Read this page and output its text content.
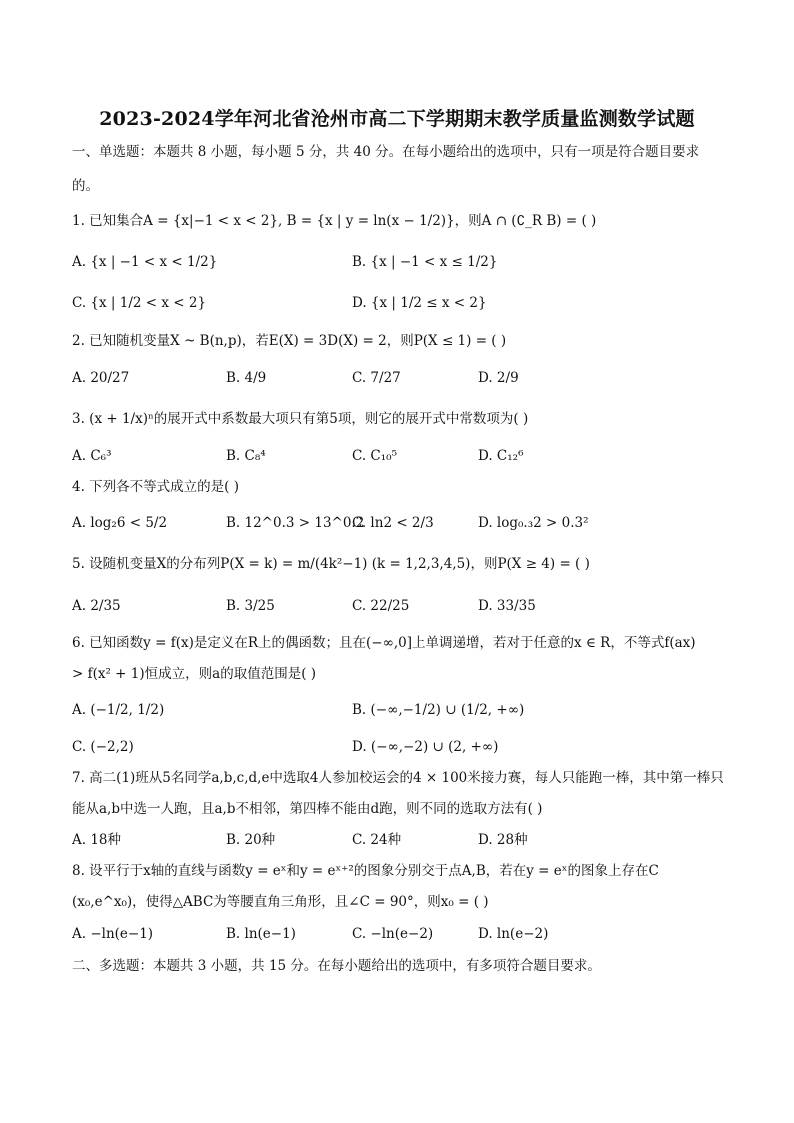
2023-2024学年河北省沧州市高二下学期期末教学质量监测数学试题
一、单选题：本题共 8 小题，每小题 5 分，共 40 分。在每小题给出的选项中，只有一项是符合题目要求
的。
1. 已知集合A = {x|−1 < x < 2}, B = {x | y = ln(x − 1/2)}，则A ∩ (∁_R B) = ( )
A. {x | −1 < x < 1/2}	B. {x | −1 < x ≤ 1/2}
C. {x | 1/2 < x < 2}	D. {x | 1/2 ≤ x < 2}
2. 已知随机变量X ~ B(n,p)，若E(X) = 3D(X) = 2，则P(X ≤ 1) = ( )
A. 20/27	B. 4/9	C. 7/27	D. 2/9
3. (x + 1/x)ⁿ的展开式中系数最大项只有第5项，则它的展开式中常数项为( )
A. C₆³	B. C₈⁴	C. C₁₀⁵	D. C₁₂⁶
4. 下列各不等式成立的是( )
A. log₂6 < 5/2	B. 12^0.3 > 13^0.2
C. ln2 < 2/3	D. log₀.₃2 > 0.3²
5. 设随机变量X的分布列P(X = k) = m/(4k²−1) (k = 1,2,3,4,5)，则P(X ≥ 4) = ( )
A. 2/35	B. 3/25	C. 22/25	D. 33/35
6. 已知函数y = f(x)是定义在R上的偶函数；且在(−∞,0]上单调递增，若对于任意的x ∈ R，不等式f(ax)
> f(x² + 1)恒成立，则a的取值范围是( )
A. (−1/2, 1/2)	B. (−∞,−1/2) ∪ (1/2, +∞)
C. (−2,2)	D. (−∞,−2) ∪ (2, +∞)
7. 高二(1)班从5名同学a,b,c,d,e中选取4人参加校运会的4 × 100米接力赛，每人只能跑一棒，其中第一棒只
能从a,b中选一人跑，且a,b不相邻，第四棒不能由d跑，则不同的选取方法有( )
A. 18种	B. 20种	C. 24种	D. 28种
8. 设平行于x轴的直线与函数y = eˣ和y = eˣ⁺²的图象分别交于点A,B，若在y = eˣ的图象上存在C
(x₀,e^x₀)，使得△ABC为等腰直角三角形，且∠C = 90°，则x₀ = ( )
A. −ln(e−1)	B. ln(e−1)	C. −ln(e−2)	D. ln(e−2)
二、多选题：本题共 3 小题，共 15 分。在每小题给出的选项中，有多项符合题目要求。
